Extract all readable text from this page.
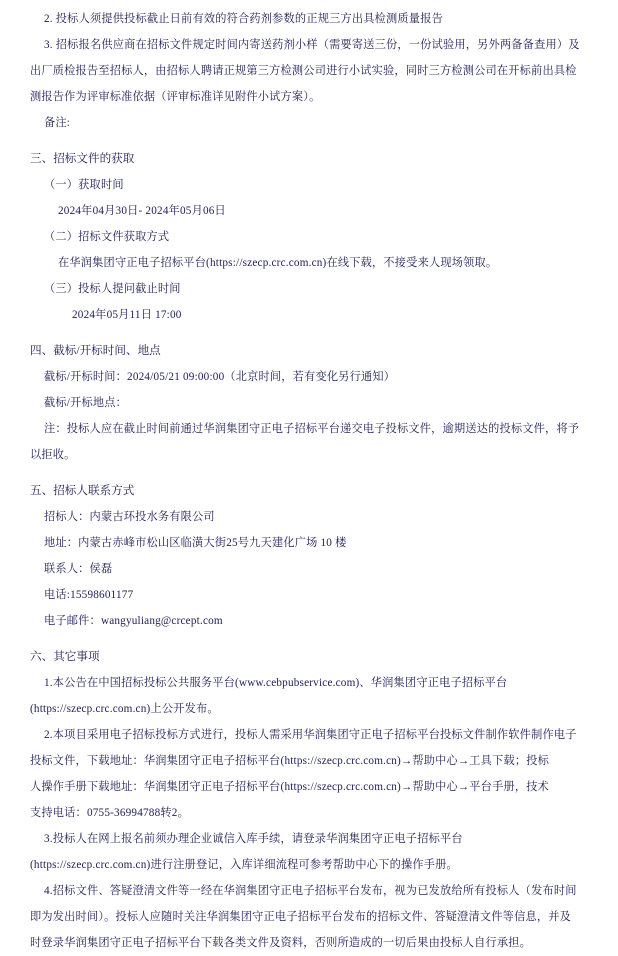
2. 投标人须提供投标截止日前有效的符合药剂参数的正规三方出具检测质量报告
3. 招标报名供应商在招标文件规定时间内寄送药剂小样（需要寄送三份，一份试验用，另外两备备查用）及
出厂质检报告至招标人，由招标人聘请正规第三方检测公司进行小试实验，同时三方检测公司在开标前出具检
测报告作为评审标准依据（评审标准详见附件小试方案）。
备注:
三、招标文件的获取
（一）获取时间
2024年04月30日- 2024年05月06日
（二）招标文件获取方式
在华润集团守正电子招标平台(https://szecp.crc.com.cn)在线下载，不接受来人现场领取。
（三）投标人提问截止时间
2024年05月11日 17:00
四、截标/开标时间、地点
截标/开标时间：2024/05/21 09:00:00（北京时间，若有变化另行通知）
截标/开标地点：
注：投标人应在截止时间前通过华润集团守正电子招标平台递交电子投标文件，逾期送达的投标文件，将予
以拒收。
五、招标人联系方式
招标人：内蒙古环投水务有限公司
地址：内蒙古赤峰市松山区临潢大街25号九天建化广场 10 楼
联系人：侯磊
电话:15598601177
电子邮件：wangyuliang@crcept.com
六、其它事项
1.本公告在中国招标投标公共服务平台(www.cebpubservice.com)、华润集团守正电子招标平台
(https://szecp.crc.com.cn)上公开发布。
2.本项目采用电子招标投标方式进行，投标人需采用华润集团守正电子招标平台投标文件制作软件制作电子
投标文件，下载地址：华润集团守正电子招标平台(https://szecp.crc.com.cn)→帮助中心→工具下载；投标
人操作手册下载地址：华润集团守正电子招标平台(https://szecp.crc.com.cn)→帮助中心→平台手册，技术
支持电话：0755-36994788转2。
3.投标人在网上报名前须办理企业诚信入库手续，请登录华润集团守正电子招标平台
(https://szecp.crc.com.cn)进行注册登记，入库详细流程可参考帮助中心下的操作手册。
4.招标文件、答疑澄清文件等一经在华润集团守正电子招标平台发布，视为已发放给所有投标人（发布时间
即为发出时间）。投标人应随时关注华润集团守正电子招标平台发布的招标文件、答疑澄清文件等信息，并及
时登录华润集团守正电子招标平台下载各类文件及资料，否则所造成的一切后果由投标人自行承担。
